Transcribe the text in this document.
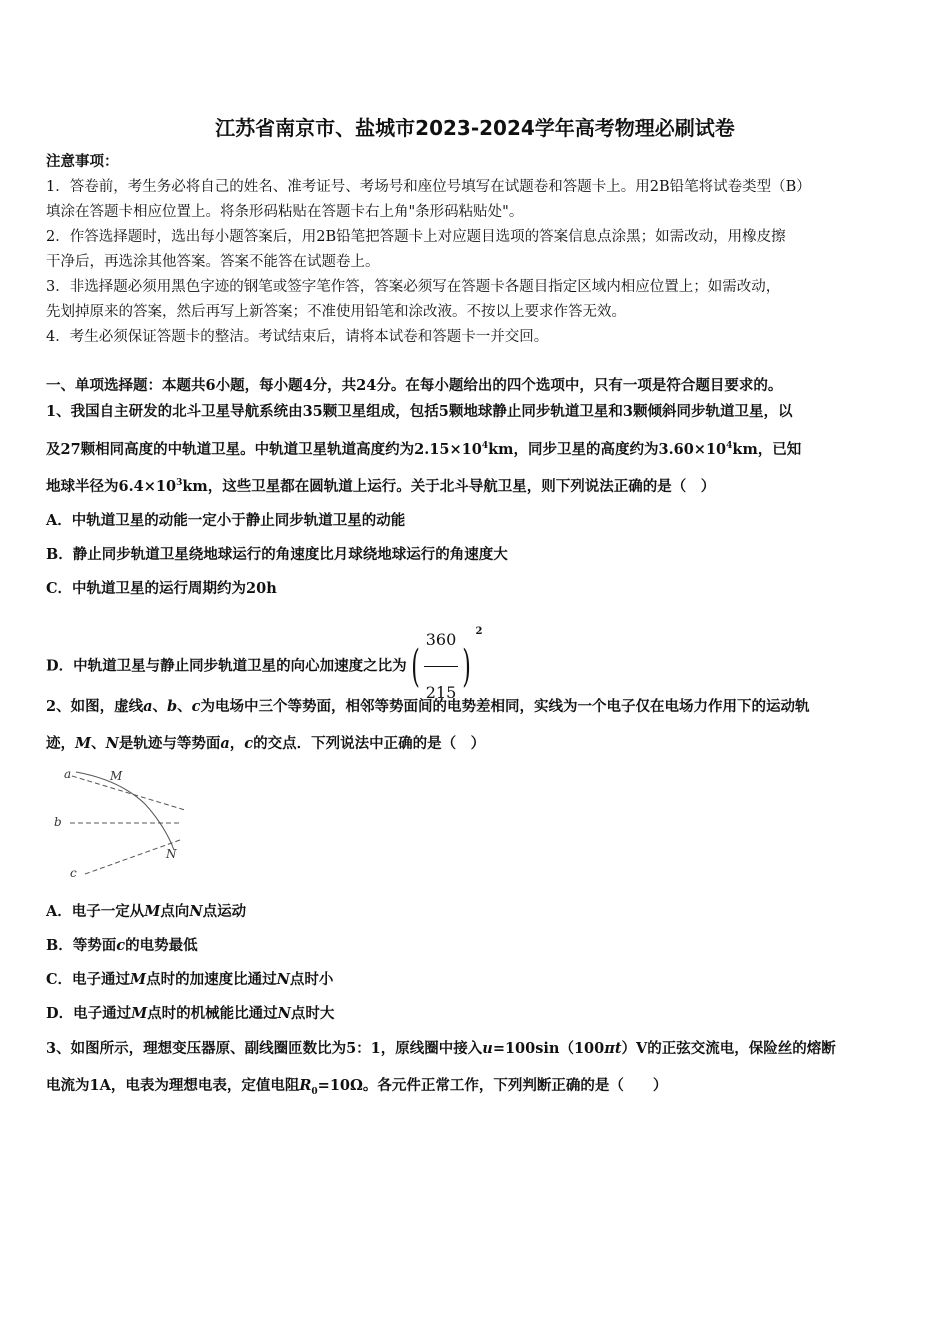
江苏省南京市、盐城市2023-2024学年高考物理必刷试卷
注意事项：
1．答卷前，考生务必将自己的姓名、准考证号、考场号和座位号填写在试题卷和答题卡上。用2B铅笔将试卷类型（B）
填涂在答题卡相应位置上。将条形码粘贴在答题卡右上角"条形码粘贴处"。
2．作答选择题时，选出每小题答案后，用2B铅笔把答题卡上对应题目选项的答案信息点涂黑；如需改动，用橡皮擦
干净后，再选涂其他答案。答案不能答在试题卷上。
3．非选择题必须用黑色字迹的钢笔或签字笔作答，答案必须写在答题卡各题目指定区域内相应位置上；如需改动，
先划掉原来的答案，然后再写上新答案；不准使用铅笔和涂改液。不按以上要求作答无效。
4．考生必须保证答题卡的整洁。考试结束后，请将本试卷和答题卡一并交回。
一、单项选择题：本题共6小题，每小题4分，共24分。在每小题给出的四个选项中，只有一项是符合题目要求的。
1、我国自主研发的北斗卫星导航系统由35颗卫星组成，包括5颗地球静止同步轨道卫星和3颗倾斜同步轨道卫星，以
及27颗相同高度的中轨道卫星。中轨道卫星轨道高度约为$2.15\times 10^4km$，同步卫星的高度约为$3.60\times 10^4km$，已知
地球半径为$6.4\times 10^3km$，这些卫星都在圆轨道上运行。关于北斗导航卫星，则下列说法正确的是（　）
A．中轨道卫星的动能一定小于静止同步轨道卫星的动能
B．静止同步轨道卫星绕地球运行的角速度比月球绕地球运行的角速度大
C．中轨道卫星的运行周期约为20h
D．中轨道卫星与静止同步轨道卫星的向心加速度之比为( $\frac{360}{215} )^2$
2、如图，虚线a、b、c为电场中三个等势面，相邻等势面间的电势差相同，实线为一个电子仅在电场力作用下的运动轨
迹，M、N是轨迹与等势面a，c的交点．下列说法中正确的是（　）
a	M
b
N
c
A．电子一定从M点向N点运动
B．等势面c的电势最低
C．电子通过M点时的加速度比通过N点时小
D．电子通过M点时的机械能比通过N点时大
3、如图所示，理想变压器原、副线圈匝数比为5：1，原线圈中接入u=100sin（100πt）V的正弦交流电，保险丝的熔断
电流为1A，电表为理想电表，定值电阻$R_0=10\Omega$。各元件正常工作，下列判断正确的是（　　）
